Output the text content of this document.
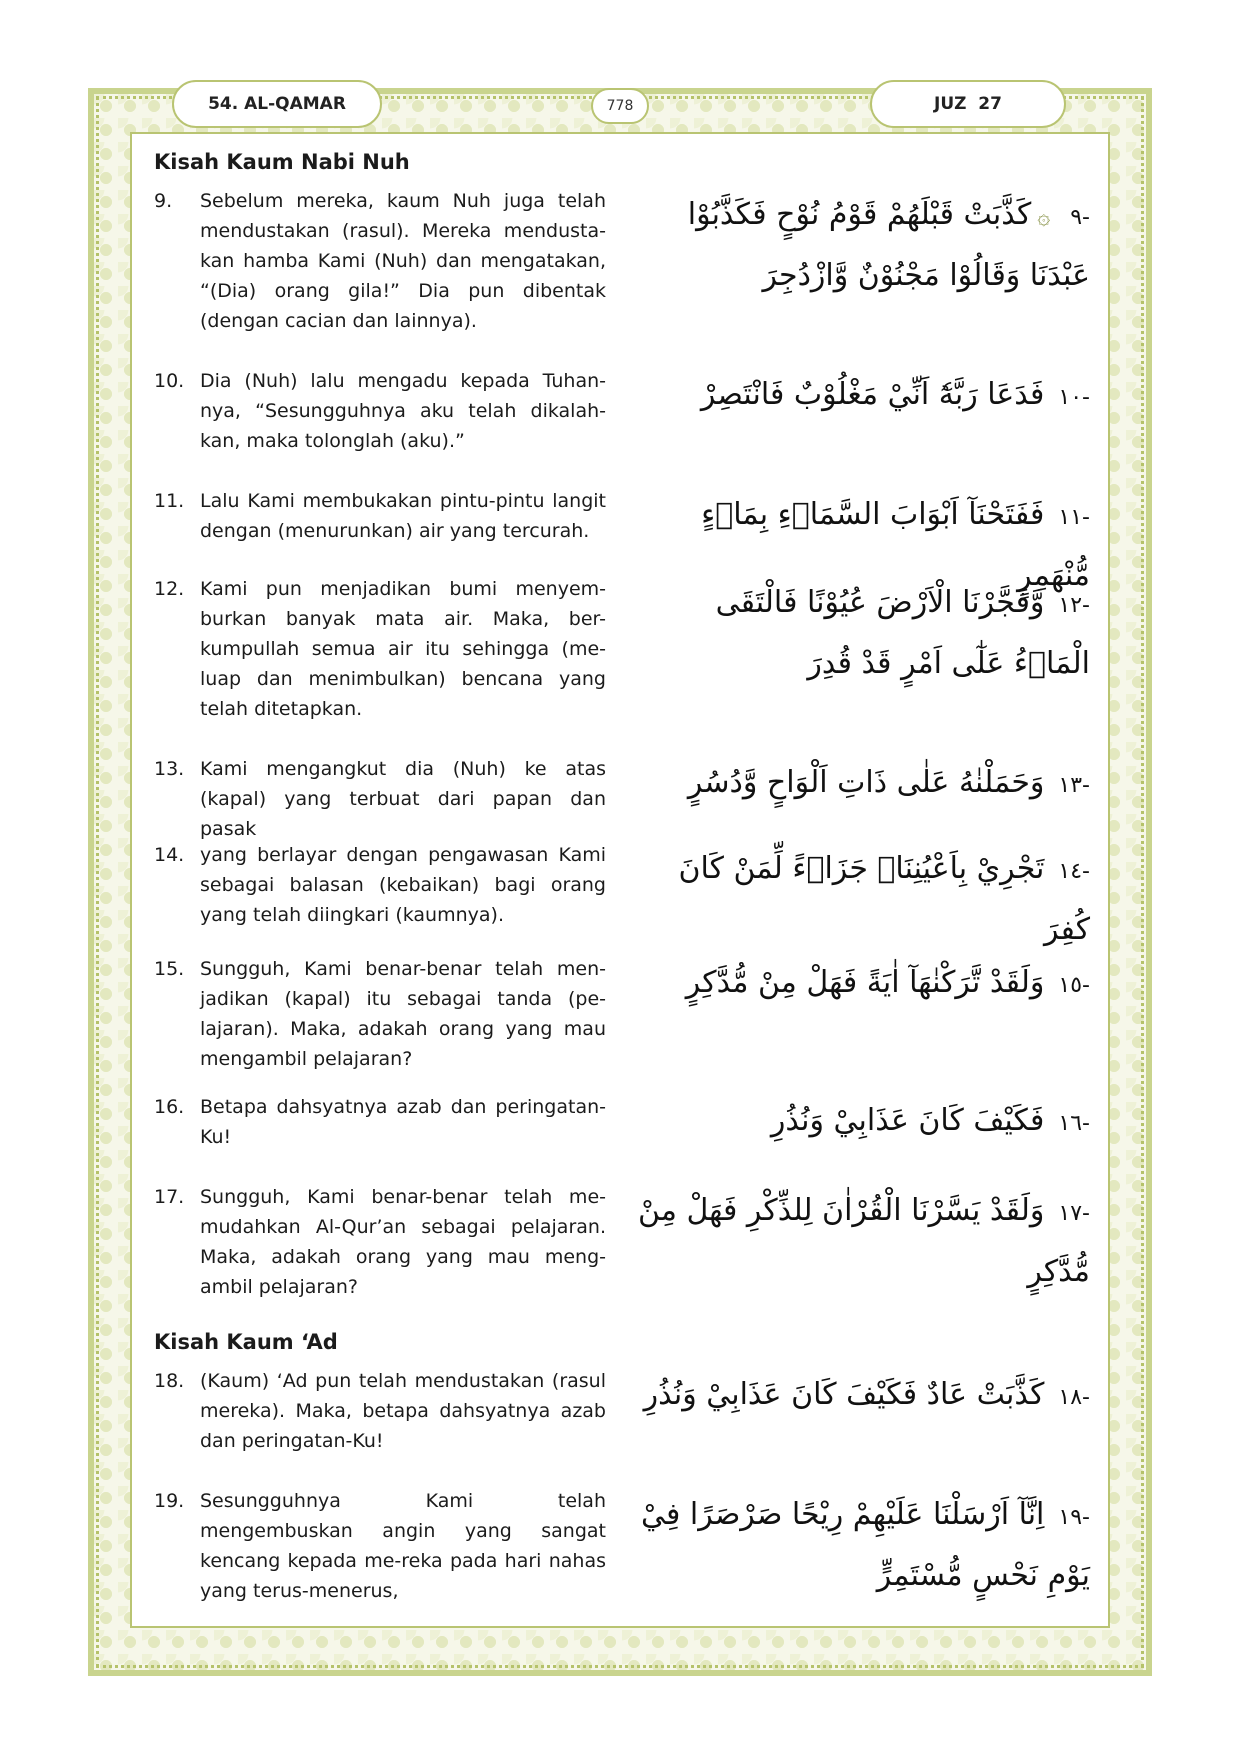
54. AL-QAMAR	778	JUZ  27
Kisah Kaum Nabi Nuh
9.	Sebelum mereka, kaum Nuh juga telah mendustakan (rasul). Mereka mendusta-kan hamba Kami (Nuh) dan mengatakan, “(Dia) orang gila!” Dia pun dibentak (dengan cacian dan lainnya).
-٩۞كَذَّبَتْ قَبْلَهُمْ قَوْمُ نُوْحٍ فَكَذَّبُوْا عَبْدَنَا وَقَالُوْا مَجْنُوْنٌ وَّازْدُجِرَ
10. Dia (Nuh) lalu mengadu kepada Tuhan-nya, “Sesungguhnya aku telah dikalah-kan, maka tolonglah (aku).”
-١٠فَدَعَا رَبَّهٗٓ اَنِّيْ مَغْلُوْبٌ فَانْتَصِرْ
11. Lalu Kami membukakan pintu-pintu langit dengan (menurunkan) air yang tercurah.
-١١فَفَتَحْنَآ اَبْوَابَ السَّمَاۤءِ بِمَاۤءٍ مُّنْهَمِرٍ
12. Kami pun menjadikan bumi menyem-burkan banyak mata air. Maka, ber-kumpullah semua air itu sehingga (me-luap dan menimbulkan) bencana yang telah ditetapkan.
-١٢وَّفَجَّرْنَا الْاَرْضَ عُيُوْنًا فَالْتَقَى الْمَاۤءُ عَلٰٓى اَمْرٍ قَدْ قُدِرَ
13. Kami mengangkut dia (Nuh) ke atas (kapal) yang terbuat dari papan dan pasak
-١٣وَحَمَلْنٰهُ عَلٰى ذَاتِ اَلْوَاحٍ وَّدُسُرٍ
14. yang berlayar dengan pengawasan Kami sebagai balasan (kebaikan) bagi orang yang telah diingkari (kaumnya).
-١٤تَجْرِيْ بِاَعْيُنِنَاۚ جَزَاۤءً لِّمَنْ كَانَ كُفِرَ
15. Sungguh, Kami benar-benar telah men-jadikan (kapal) itu sebagai tanda (pe-lajaran). Maka, adakah orang yang mau mengambil pelajaran?
-١٥وَلَقَدْ تَّرَكْنٰهَآ اٰيَةً فَهَلْ مِنْ مُّدَّكِرٍ
16. Betapa dahsyatnya azab dan peringatan-Ku!
-١٦فَكَيْفَ كَانَ عَذَابِيْ وَنُذُرِ
17. Sungguh, Kami benar-benar telah me-mudahkan Al-Qur’an sebagai pelajaran. Maka, adakah orang yang mau meng-ambil pelajaran?
-١٧وَلَقَدْ يَسَّرْنَا الْقُرْاٰنَ لِلذِّكْرِ فَهَلْ مِنْ مُّدَّكِرٍ
Kisah Kaum ‘Ad
18. (Kaum) ‘Ad pun telah mendustakan (rasul mereka). Maka, betapa dahsyatnya azab dan peringatan-Ku!
-١٨كَذَّبَتْ عَادٌ فَكَيْفَ كَانَ عَذَابِيْ وَنُذُرِ
19. Sesungguhnya Kami telah mengembuskan angin yang sangat kencang kepada me-reka pada hari nahas yang terus-menerus,
-١٩اِنَّآ اَرْسَلْنَا عَلَيْهِمْ رِيْحًا صَرْصَرًا فِيْ يَوْمِ نَحْسٍ مُّسْتَمِرٍّ
